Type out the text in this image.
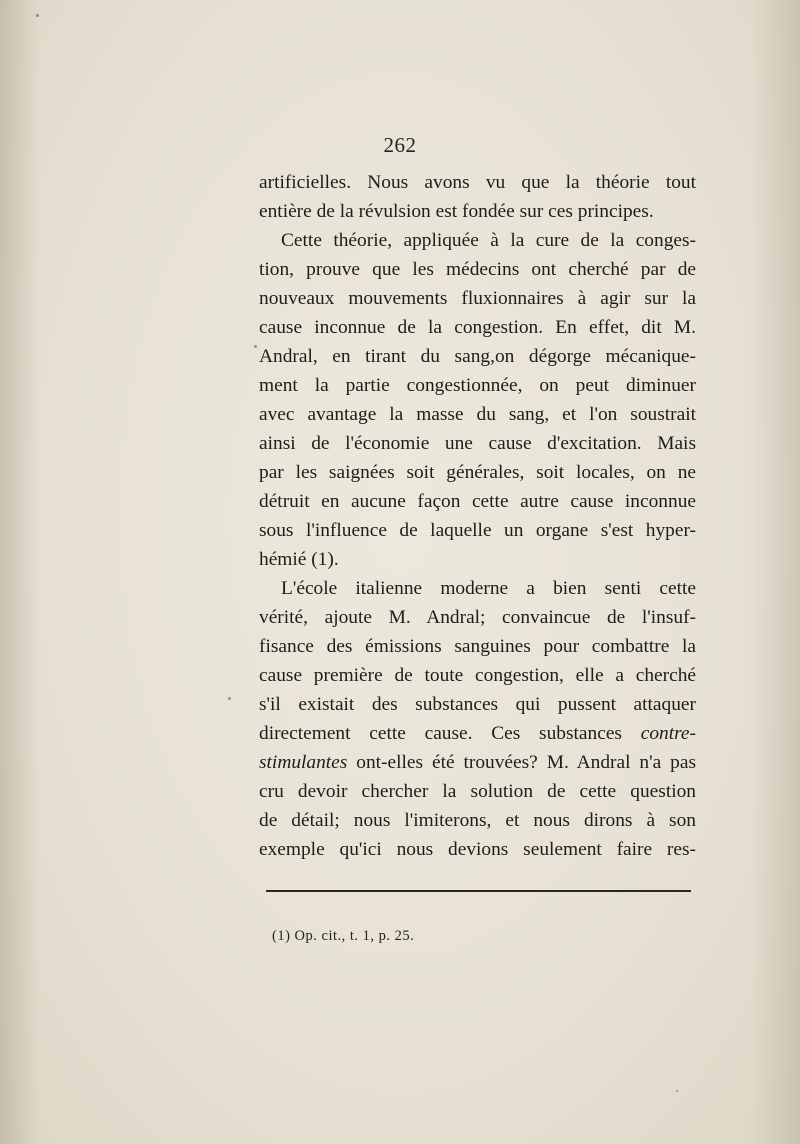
262
artificielles. Nous avons vu que la théorie tout
entière de la révulsion est fondée sur ces principes.
Cette théorie, appliquée à la cure de la conges-
tion, prouve que les médecins ont cherché par de
nouveaux mouvements fluxionnaires à agir sur la
cause inconnue de la congestion. En effet, dit M.
Andral, en tirant du sang,on dégorge mécanique-
ment la partie congestionnée, on peut diminuer
avec avantage la masse du sang, et l'on soustrait
ainsi de l'économie une cause d'excitation. Mais
par les saignées soit générales, soit locales, on ne
détruit en aucune façon cette autre cause inconnue
sous l'influence de laquelle un organe s'est hyper-
hémié (1).
L'école italienne moderne a bien senti cette
vérité, ajoute M. Andral; convaincue de l'insuf-
fisance des émissions sanguines pour combattre la
cause première de toute congestion, elle a cherché
s'il existait des substances qui pussent attaquer
directement cette cause. Ces substances contre-
stimulantes ont-elles été trouvées? M. Andral n'a pas
cru devoir chercher la solution de cette question
de détail; nous l'imiterons, et nous dirons à son
exemple qu'ici nous devions seulement faire res-
(1) Op. cit., t. 1, p. 25.
